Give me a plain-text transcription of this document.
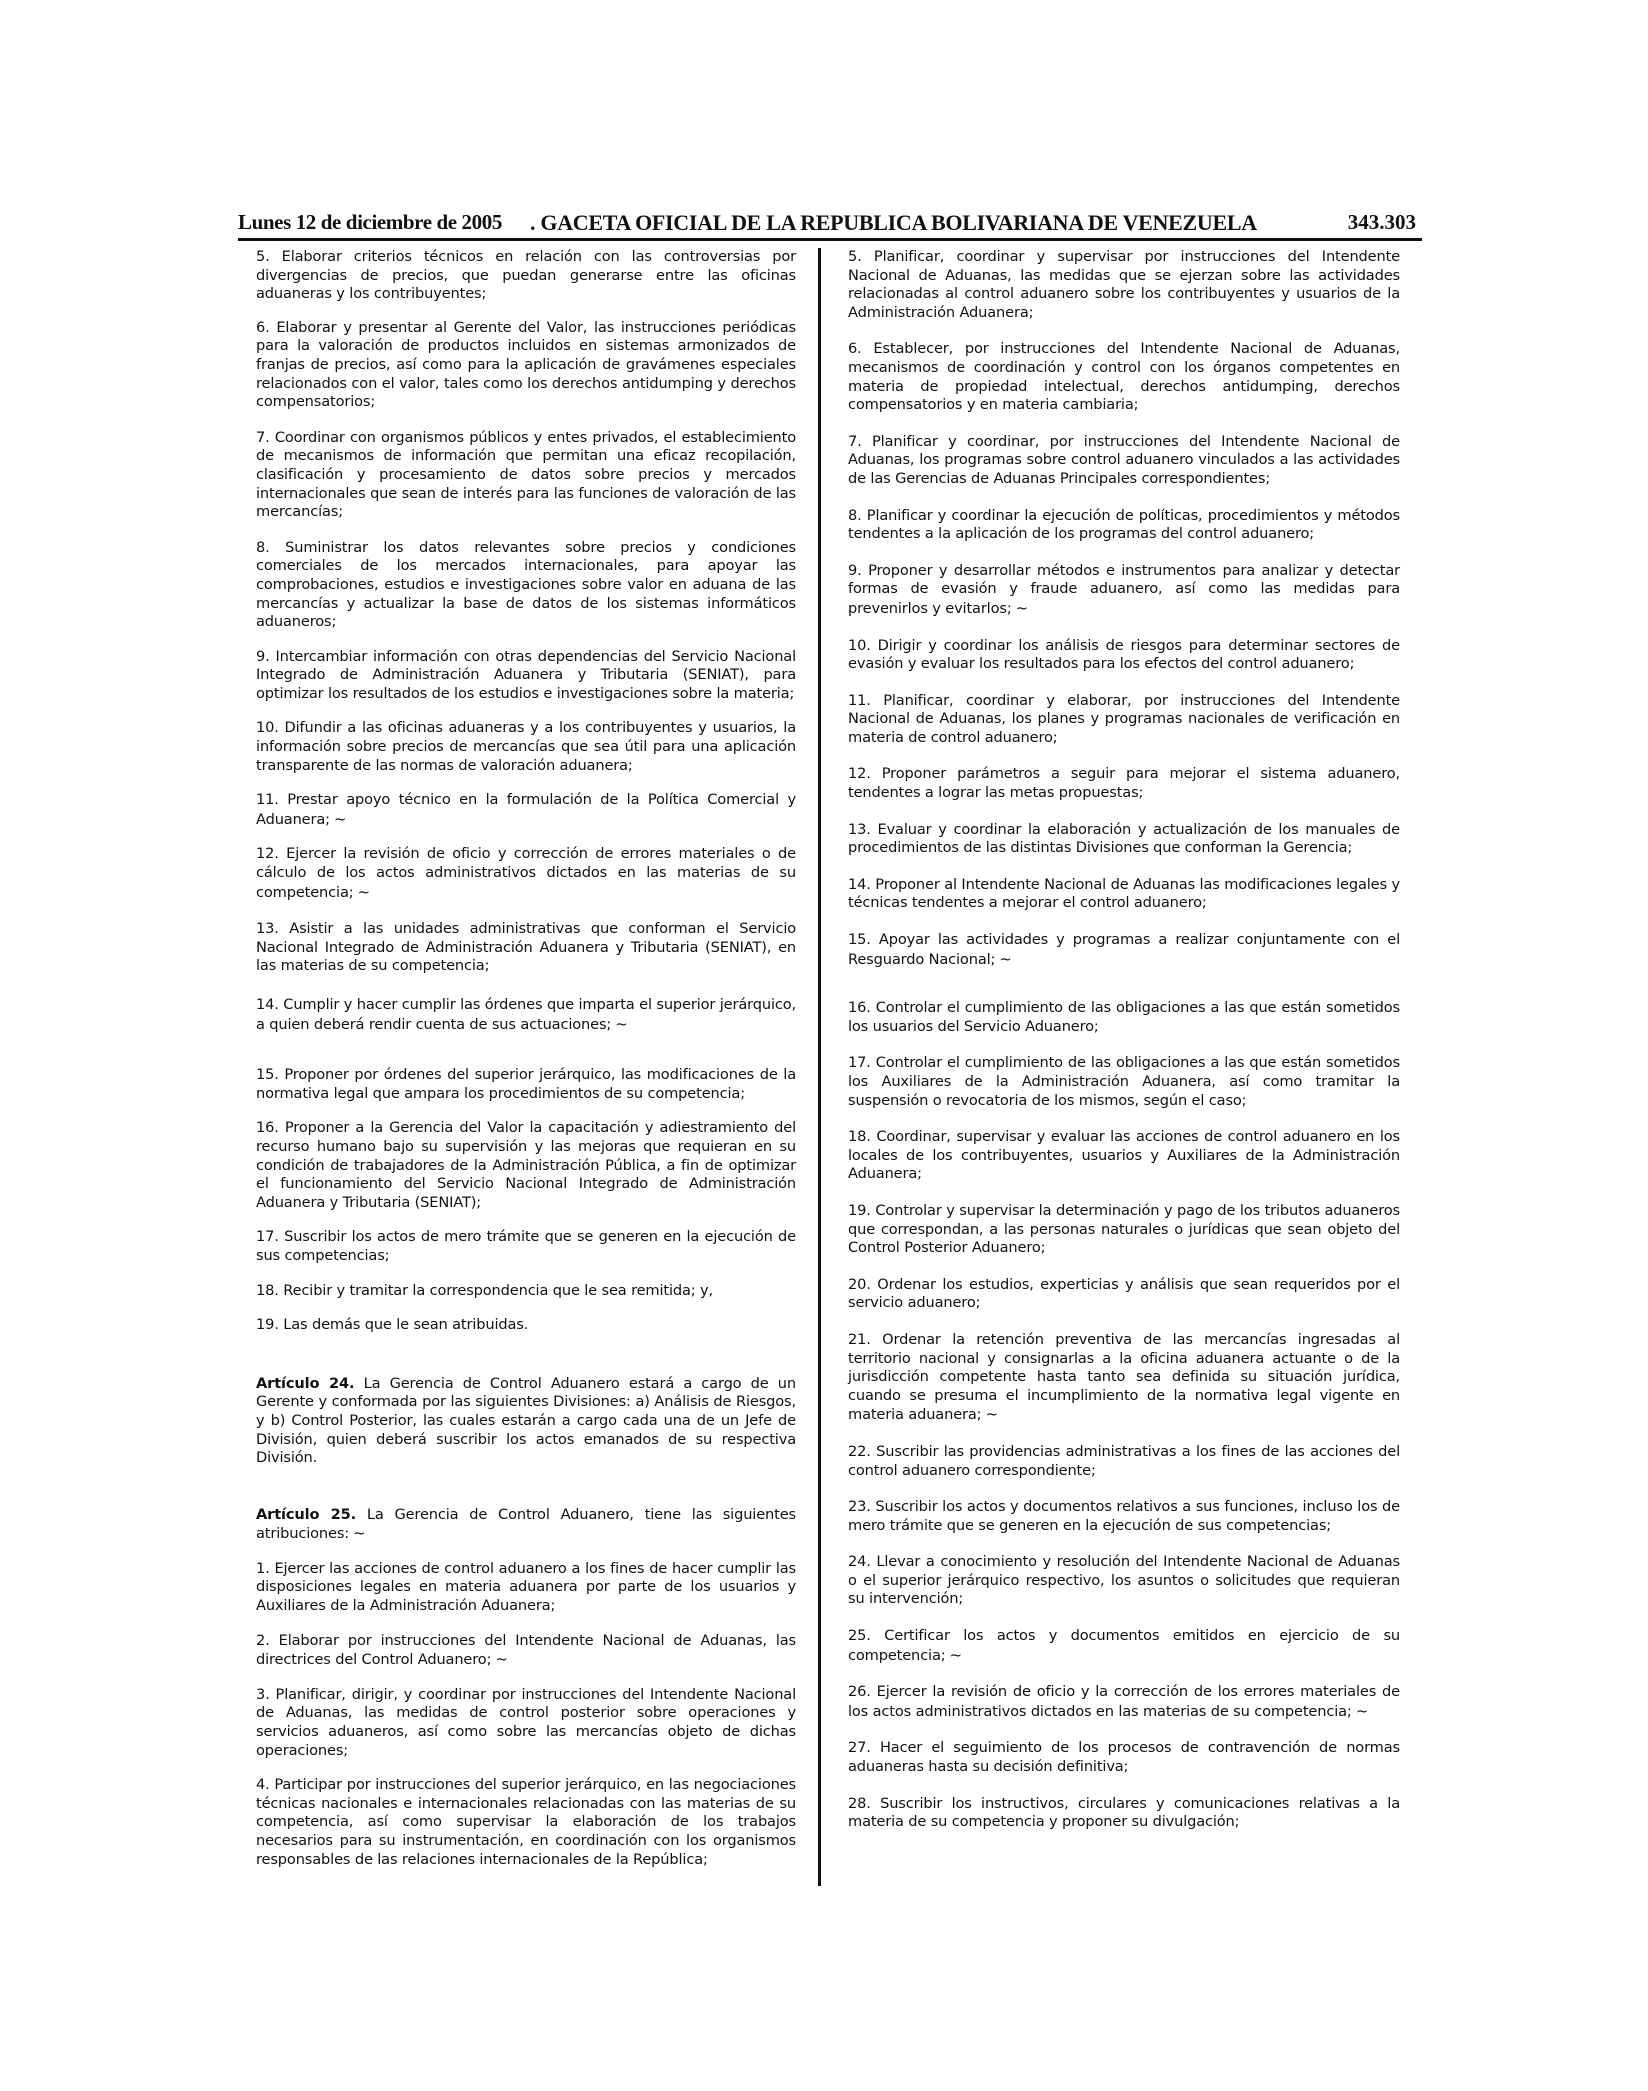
Lunes 12 de diciembre de 2005 . GACETA OFICIAL DE LA REPUBLICA BOLIVARIANA DE VENEZUELA	343.303

5. Elaborar criterios técnicos en relación con las controversias por divergencias de precios, que puedan generarse entre las oficinas aduaneras y los contribuyentes;

6. Elaborar y presentar al Gerente del Valor, las instrucciones periódicas para la valoración de productos incluidos en sistemas armonizados de franjas de precios, así como para la aplicación de gravámenes especiales relacionados con el valor, tales como los derechos antidumping y derechos compensatorios;

7. Coordinar con organismos públicos y entes privados, el establecimiento de mecanismos de información que permitan una eficaz recopilación, clasificación y procesamiento de datos sobre precios y mercados internacionales que sean de interés para las funciones de valoración de las mercancías;

8. Suministrar los datos relevantes sobre precios y condiciones comerciales de los mercados internacionales, para apoyar las comprobaciones, estudios e investigaciones sobre valor en aduana de las mercancías y actualizar la base de datos de los sistemas informáticos aduaneros;

9. Intercambiar información con otras dependencias del Servicio Nacional Integrado de Administración Aduanera y Tributaria (SENIAT), para optimizar los resultados de los estudios e investigaciones sobre la materia;

10. Difundir a las oficinas aduaneras y a los contribuyentes y usuarios, la información sobre precios de mercancías que sea útil para una aplicación transparente de las normas de valoración aduanera;

11. Prestar apoyo técnico en la formulación de la Política Comercial y Aduanera; ~

12. Ejercer la revisión de oficio y corrección de errores materiales o de cálculo de los actos administrativos dictados en las materias de su competencia; ~

13. Asistir a las unidades administrativas que conforman el Servicio Nacional Integrado de Administración Aduanera y Tributaria (SENIAT), en las materias de su competencia;

14. Cumplir y hacer cumplir las órdenes que imparta el superior jerárquico, a quien deberá rendir cuenta de sus actuaciones; ~

15. Proponer por órdenes del superior jerárquico, las modificaciones de la normativa legal que ampara los procedimientos de su competencia;

16. Proponer a la Gerencia del Valor la capacitación y adiestramiento del recurso humano bajo su supervisión y las mejoras que requieran en su condición de trabajadores de la Administración Pública, a fin de optimizar el funcionamiento del Servicio Nacional Integrado de Administración Aduanera y Tributaria (SENIAT);

17. Suscribir los actos de mero trámite que se generen en la ejecución de sus competencias;

18. Recibir y tramitar la correspondencia que le sea remitida; y,

19. Las demás que le sean atribuidas.

Artículo 24. La Gerencia de Control Aduanero estará a cargo de un Gerente y conformada por las siguientes Divisiones: a) Análisis de Riesgos, y b) Control Posterior, las cuales estarán a cargo cada una de un Jefe de División, quien deberá suscribir los actos emanados de su respectiva División.

Artículo 25. La Gerencia de Control Aduanero, tiene las siguientes atribuciones: ~

1. Ejercer las acciones de control aduanero a los fines de hacer cumplir las disposiciones legales en materia aduanera por parte de los usuarios y Auxiliares de la Administración Aduanera;

2. Elaborar por instrucciones del Intendente Nacional de Aduanas, las directrices del Control Aduanero; ~

3. Planificar, dirigir, y coordinar por instrucciones del Intendente Nacional de Aduanas, las medidas de control posterior sobre operaciones y servicios aduaneros, así como sobre las mercancías objeto de dichas operaciones;

4. Participar por instrucciones del superior jerárquico, en las negociaciones técnicas nacionales e internacionales relacionadas con las materias de su competencia, así como supervisar la elaboración de los trabajos necesarios para su instrumentación, en coordinación con los organismos responsables de las relaciones internacionales de la República;

5. Planificar, coordinar y supervisar por instrucciones del Intendente Nacional de Aduanas, las medidas que se ejerzan sobre las actividades relacionadas al control aduanero sobre los contribuyentes y usuarios de la Administración Aduanera;

6. Establecer, por instrucciones del Intendente Nacional de Aduanas, mecanismos de coordinación y control con los órganos competentes en materia de propiedad intelectual, derechos antidumping, derechos compensatorios y en materia cambiaria;

7. Planificar y coordinar, por instrucciones del Intendente Nacional de Aduanas, los programas sobre control aduanero vinculados a las actividades de las Gerencias de Aduanas Principales correspondientes;

8. Planificar y coordinar la ejecución de políticas, procedimientos y métodos tendentes a la aplicación de los programas del control aduanero;

9. Proponer y desarrollar métodos e instrumentos para analizar y detectar formas de evasión y fraude aduanero, así como las medidas para prevenirlos y evitarlos; ~

10. Dirigir y coordinar los análisis de riesgos para determinar sectores de evasión y evaluar los resultados para los efectos del control aduanero;

11. Planificar, coordinar y elaborar, por instrucciones del Intendente Nacional de Aduanas, los planes y programas nacionales de verificación en materia de control aduanero;

12. Proponer parámetros a seguir para mejorar el sistema aduanero, tendentes a lograr las metas propuestas;

13. Evaluar y coordinar la elaboración y actualización de los manuales de procedimientos de las distintas Divisiones que conforman la Gerencia;

14. Proponer al Intendente Nacional de Aduanas las modificaciones legales y técnicas tendentes a mejorar el control aduanero;

15. Apoyar las actividades y programas a realizar conjuntamente con el Resguardo Nacional; ~

16. Controlar el cumplimiento de las obligaciones a las que están sometidos los usuarios del Servicio Aduanero;

17. Controlar el cumplimiento de las obligaciones a las que están sometidos los Auxiliares de la Administración Aduanera, así como tramitar la suspensión o revocatoria de los mismos, según el caso;

18. Coordinar, supervisar y evaluar las acciones de control aduanero en los locales de los contribuyentes, usuarios y Auxiliares de la Administración Aduanera;

19. Controlar y supervisar la determinación y pago de los tributos aduaneros que correspondan, a las personas naturales o jurídicas que sean objeto del Control Posterior Aduanero;

20. Ordenar los estudios, experticias y análisis que sean requeridos por el servicio aduanero;

21. Ordenar la retención preventiva de las mercancías ingresadas al territorio nacional y consignarlas a la oficina aduanera actuante o de la jurisdicción competente hasta tanto sea definida su situación jurídica, cuando se presuma el incumplimiento de la normativa legal vigente en materia aduanera; ~

22. Suscribir las providencias administrativas a los fines de las acciones del control aduanero correspondiente;

23. Suscribir los actos y documentos relativos a sus funciones, incluso los de mero trámite que se generen en la ejecución de sus competencias;

24. Llevar a conocimiento y resolución del Intendente Nacional de Aduanas o el superior jerárquico respectivo, los asuntos o solicitudes que requieran su intervención;

25. Certificar los actos y documentos emitidos en ejercicio de su competencia; ~

26. Ejercer la revisión de oficio y la corrección de los errores materiales de los actos administrativos dictados en las materias de su competencia; ~

27. Hacer el seguimiento de los procesos de contravención de normas aduaneras hasta su decisión definitiva;

28. Suscribir los instructivos, circulares y comunicaciones relativas a la materia de su competencia y proponer su divulgación;
